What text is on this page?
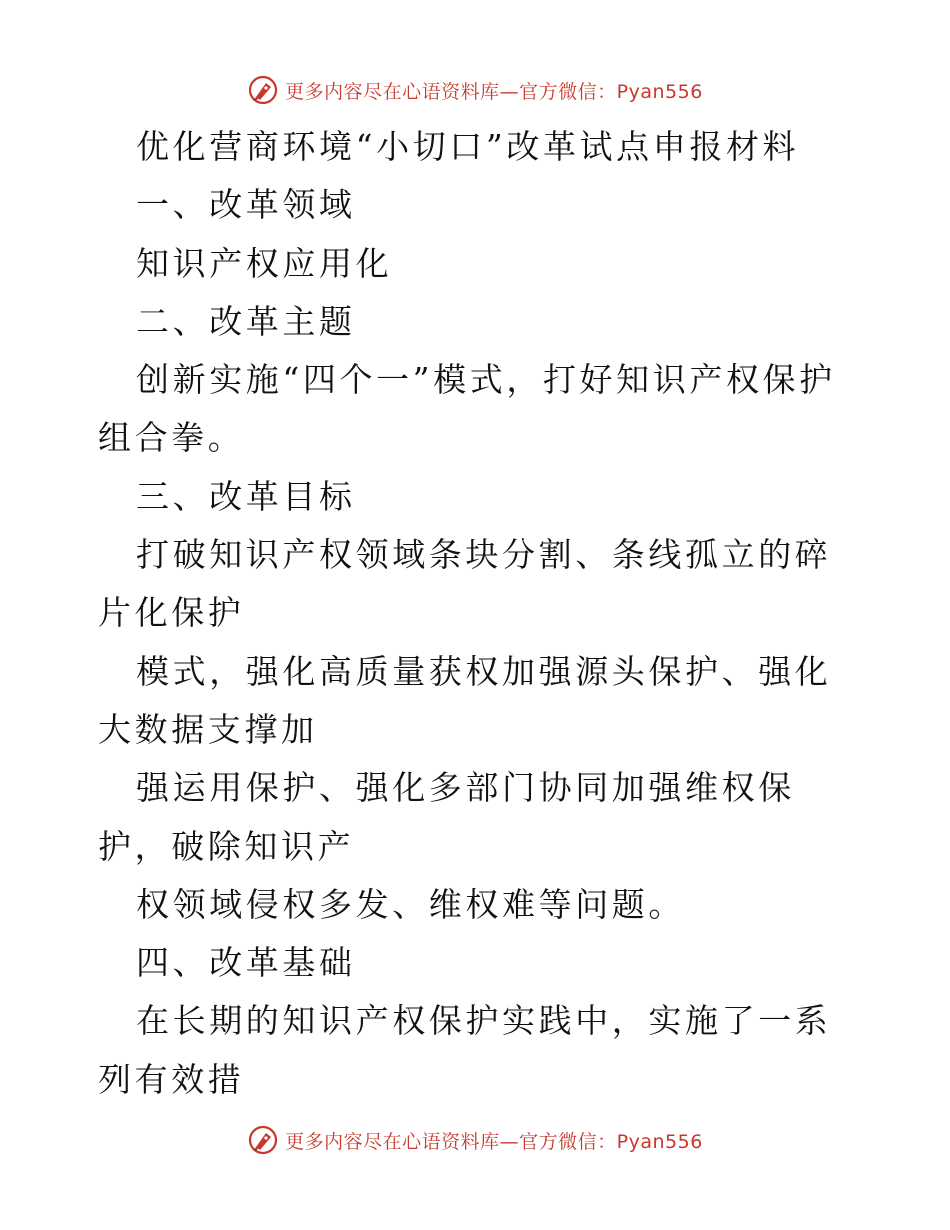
更多内容尽在心语资料库—官方微信：Pyan556

优化营商环境“小切口”改革试点申报材料

一、改革领域

知识产权应用化

二、改革主题

创新实施“四个一”模式，打好知识产权保护组合拳。

三、改革目标

打破知识产权领域条块分割、条线孤立的碎片化保护

模式，强化高质量获权加强源头保护、强化大数据支撑加

强运用保护、强化多部门协同加强维权保护，破除知识产

权领域侵权多发、维权难等问题。

四、改革基础

在长期的知识产权保护实践中，实施了一系列有效措

更多内容尽在心语资料库—官方微信：Pyan556
